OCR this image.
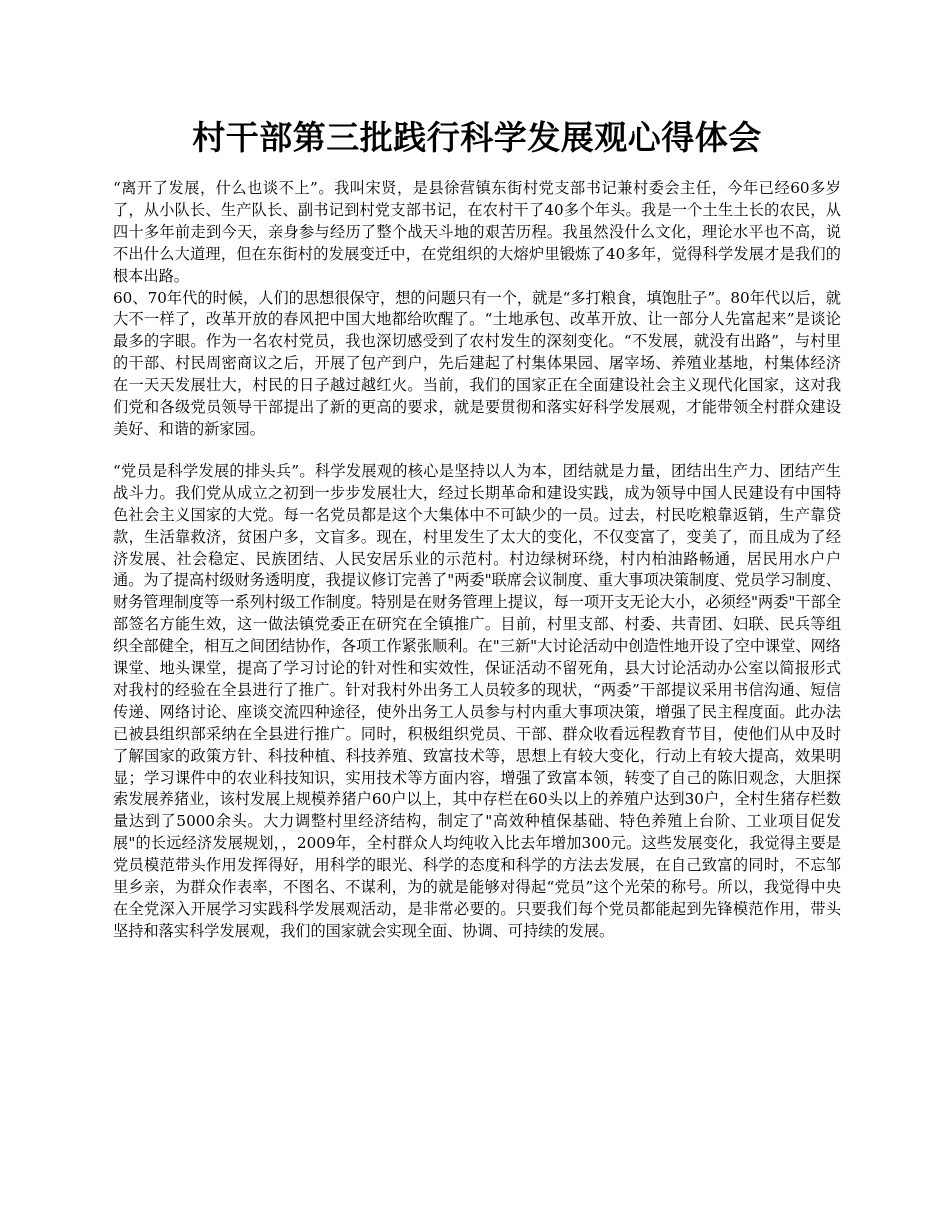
村干部第三批践行科学发展观心得体会

“离开了发展，什么也谈不上”。我叫宋贤，是县徐营镇东街村党支部书记兼村委会主任，今年已经60多岁了，从小队长、生产队长、副书记到村党支部书记，在农村干了40多个年头。我是一个土生土长的农民，从四十多年前走到今天，亲身参与经历了整个战天斗地的艰苦历程。我虽然没什么文化，理论水平也不高，说不出什么大道理，但在东街村的发展变迁中，在党组织的大熔炉里锻炼了40多年，觉得科学发展才是我们的根本出路。

60、70年代的时候，人们的思想很保守，想的问题只有一个，就是“多打粮食，填饱肚子”。80年代以后，就大不一样了，改革开放的春风把中国大地都给吹醒了。“土地承包、改革开放、让一部分人先富起来”是谈论最多的字眼。作为一名农村党员，我也深切感受到了农村发生的深刻变化。“不发展，就没有出路”，与村里的干部、村民周密商议之后，开展了包产到户，先后建起了村集体果园、屠宰场、养殖业基地，村集体经济在一天天发展壮大，村民的日子越过越红火。当前，我们的国家正在全面建设社会主义现代化国家，这对我们党和各级党员领导干部提出了新的更高的要求，就是要贯彻和落实好科学发展观，才能带领全村群众建设美好、和谐的新家园。

“党员是科学发展的排头兵”。科学发展观的核心是坚持以人为本，团结就是力量，团结出生产力、团结产生战斗力。我们党从成立之初到一步步发展壮大，经过长期革命和建设实践，成为领导中国人民建设有中国特色社会主义国家的大党。每一名党员都是这个大集体中不可缺少的一员。过去，村民吃粮靠返销，生产靠贷款，生活靠救济，贫困户多，文盲多。现在，村里发生了太大的变化，不仅变富了，变美了，而且成为了经济发展、社会稳定、民族团结、人民安居乐业的示范村。村边绿树环绕，村内柏油路畅通，居民用水户户通。为了提高村级财务透明度，我提议修订完善了"两委"联席会议制度、重大事项决策制度、党员学习制度、财务管理制度等一系列村级工作制度。特别是在财务管理上提议，每一项开支无论大小，必须经"两委"干部全部签名方能生效，这一做法镇党委正在研究在全镇推广。目前，村里支部、村委、共青团、妇联、民兵等组织全部健全，相互之间团结协作，各项工作紧张顺利。在"三新"大讨论活动中创造性地开设了空中课堂、网络课堂、地头课堂，提高了学习讨论的针对性和实效性，保证活动不留死角，县大讨论活动办公室以简报形式对我村的经验在全县进行了推广。针对我村外出务工人员较多的现状，“两委”干部提议采用书信沟通、短信传递、网络讨论、座谈交流四种途径，使外出务工人员参与村内重大事项决策，增强了民主程度面。此办法已被县组织部采纳在全县进行推广。同时，积极组织党员、干部、群众收看远程教育节目，使他们从中及时了解国家的政策方针、科技种植、科技养殖、致富技术等，思想上有较大变化，行动上有较大提高，效果明显；学习课件中的农业科技知识，实用技术等方面内容，增强了致富本领，转变了自己的陈旧观念，大胆探索发展养猪业，该村发展上规模养猪户60户以上，其中存栏在60头以上的养殖户达到30户，全村生猪存栏数量达到了5000余头。大力调整村里经济结构，制定了"高效种植保基础、特色养殖上台阶、工业项目促发展"的长远经济发展规划，，2009年，全村群众人均纯收入比去年增加300元。这些发展变化，我觉得主要是党员模范带头作用发挥得好，用科学的眼光、科学的态度和科学的方法去发展，在自己致富的同时，不忘邹里乡亲，为群众作表率，不图名、不谋利，为的就是能够对得起“党员”这个光荣的称号。所以，我觉得中央在全党深入开展学习实践科学发展观活动，是非常必要的。只要我们每个党员都能起到先锋模范作用，带头坚持和落实科学发展观，我们的国家就会实现全面、协调、可持续的发展。
